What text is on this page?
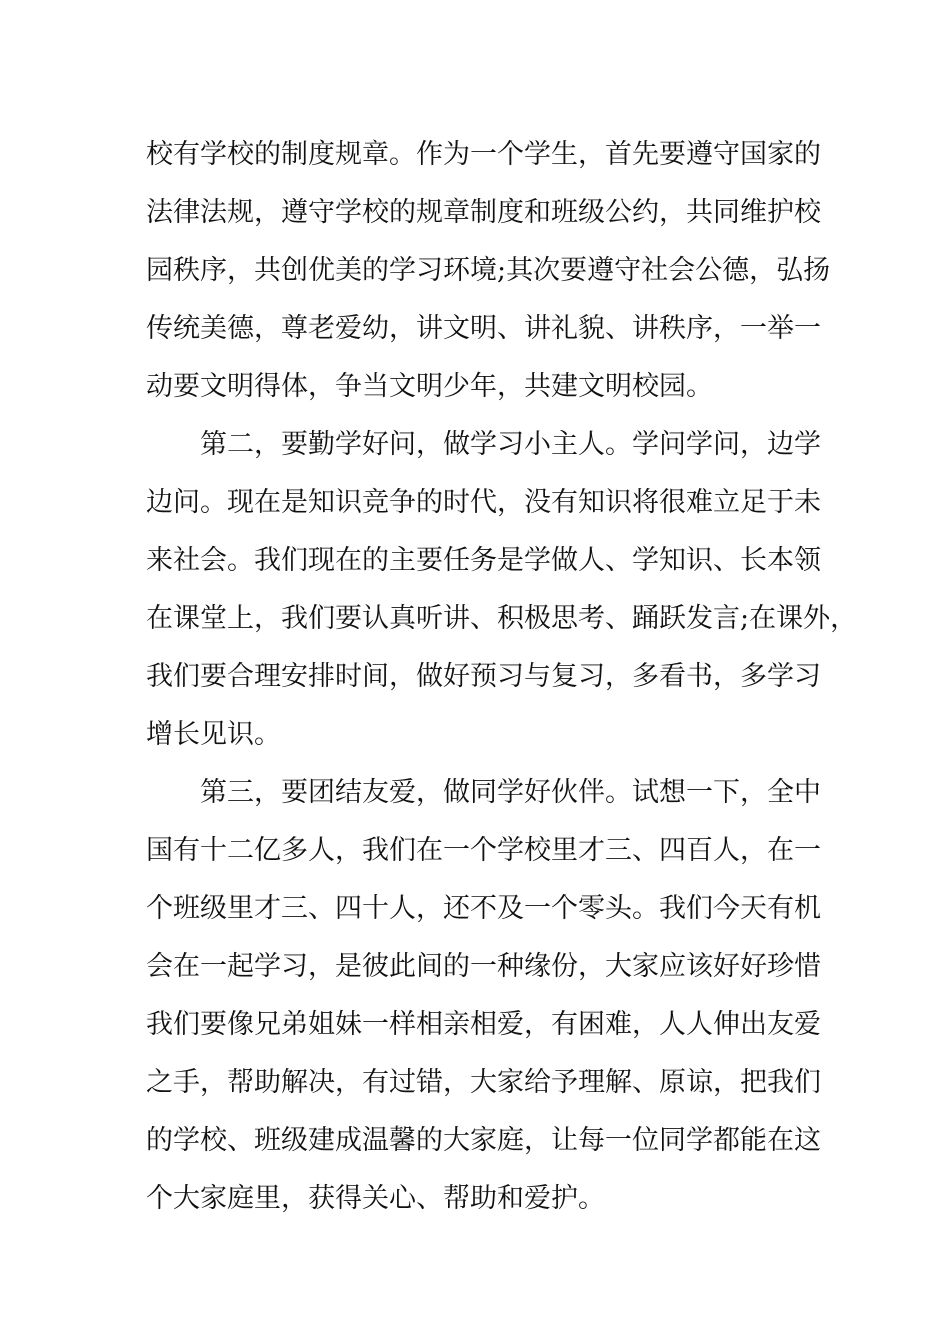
校有学校的制度规章。作为一个学生，首先要遵守国家的
法律法规，遵守学校的规章制度和班级公约，共同维护校
园秩序，共创优美的学习环境;其次要遵守社会公德，弘扬
传统美德，尊老爱幼，讲文明、讲礼貌、讲秩序，一举一
动要文明得体，争当文明少年，共建文明校园。
第二，要勤学好问，做学习小主人。学问学问，边学
边问。现在是知识竞争的时代，没有知识将很难立足于未
来社会。我们现在的主要任务是学做人、学知识、长本领
在课堂上，我们要认真听讲、积极思考、踊跃发言;在课外，
我们要合理安排时间，做好预习与复习，多看书，多学习
增长见识。
第三，要团结友爱，做同学好伙伴。试想一下，全中
国有十二亿多人，我们在一个学校里才三、四百人，在一
个班级里才三、四十人，还不及一个零头。我们今天有机
会在一起学习，是彼此间的一种缘份，大家应该好好珍惜
我们要像兄弟姐妹一样相亲相爱，有困难，人人伸出友爱
之手，帮助解决，有过错，大家给予理解、原谅，把我们
的学校、班级建成温馨的大家庭，让每一位同学都能在这
个大家庭里，获得关心、帮助和爱护。
